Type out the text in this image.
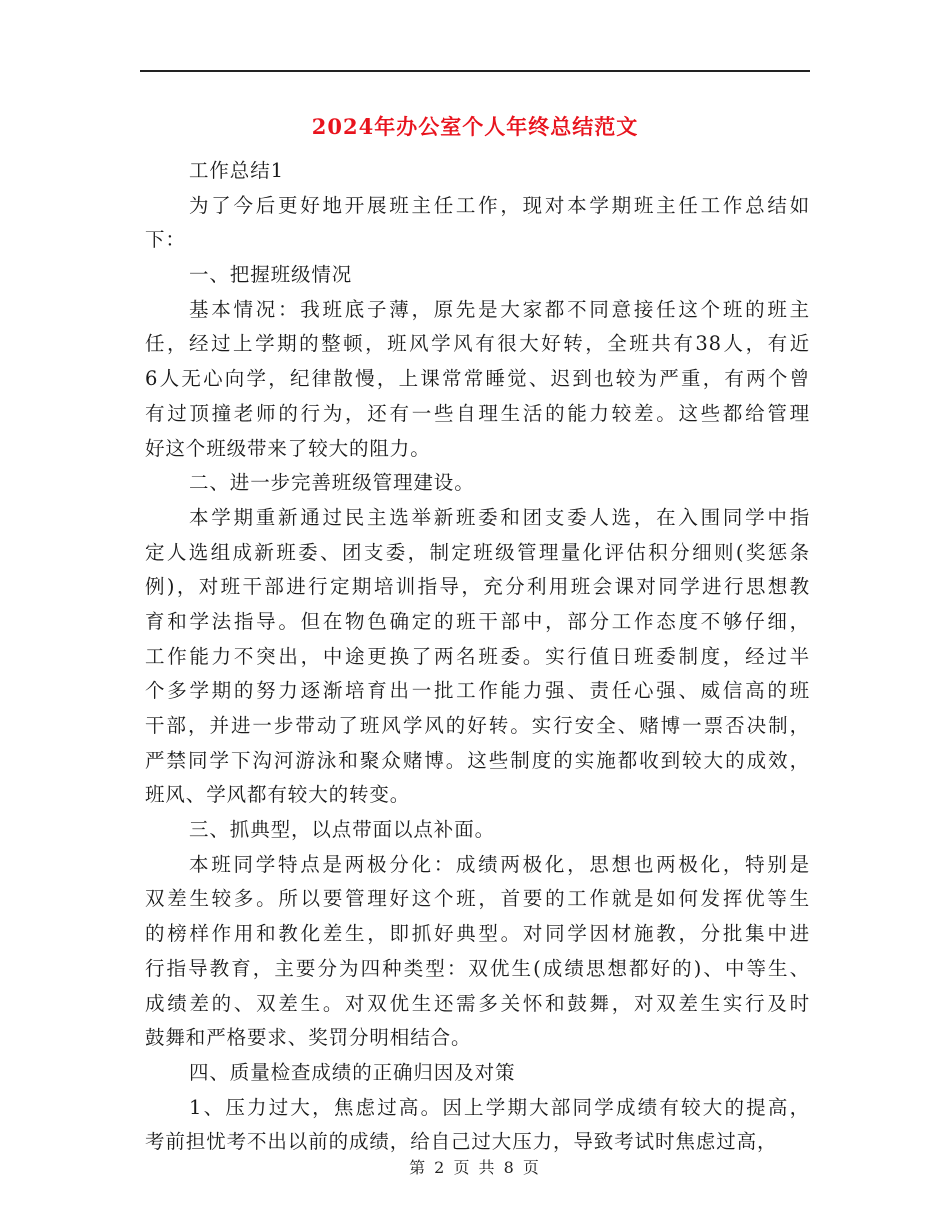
2024年办公室个人年终总结范文
工作总结1
为了今后更好地开展班主任工作，现对本学期班主任工作总结如
下：
一、把握班级情况
基本情况：我班底子薄，原先是大家都不同意接任这个班的班主
任，经过上学期的整顿，班风学风有很大好转，全班共有38人，有近
6人无心向学，纪律散慢，上课常常睡觉、迟到也较为严重，有两个曾
有过顶撞老师的行为，还有一些自理生活的能力较差。这些都给管理
好这个班级带来了较大的阻力。
二、进一步完善班级管理建设。
本学期重新通过民主选举新班委和团支委人选，在入围同学中指
定人选组成新班委、团支委，制定班级管理量化评估积分细则(奖惩条
例)，对班干部进行定期培训指导，充分利用班会课对同学进行思想教
育和学法指导。但在物色确定的班干部中，部分工作态度不够仔细，
工作能力不突出，中途更换了两名班委。实行值日班委制度，经过半
个多学期的努力逐渐培育出一批工作能力强、责任心强、威信高的班
干部，并进一步带动了班风学风的好转。实行安全、赌博一票否决制，
严禁同学下沟河游泳和聚众赌博。这些制度的实施都收到较大的成效，
班风、学风都有较大的转变。
三、抓典型，以点带面以点补面。
本班同学特点是两极分化：成绩两极化，思想也两极化，特别是
双差生较多。所以要管理好这个班，首要的工作就是如何发挥优等生
的榜样作用和教化差生，即抓好典型。对同学因材施教，分批集中进
行指导教育，主要分为四种类型：双优生(成绩思想都好的)、中等生、
成绩差的、双差生。对双优生还需多关怀和鼓舞，对双差生实行及时
鼓舞和严格要求、奖罚分明相结合。
四、质量检查成绩的正确归因及对策
1、压力过大，焦虑过高。因上学期大部同学成绩有较大的提高，
考前担忧考不出以前的成绩，给自己过大压力，导致考试时焦虑过高，
第 2 页 共 8 页
